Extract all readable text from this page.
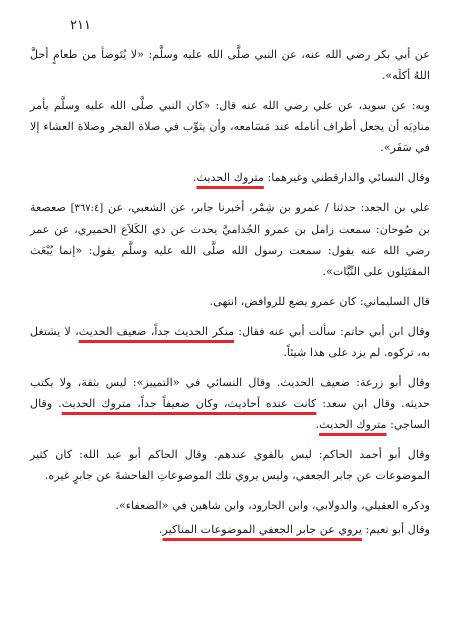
٢١١

عن أبي بكر رضي الله عنه، عن النبي صلَّى الله عليه وسلَّم: «لا يُتَوضأ من طعامٍ أحلَّ اللهُ أكلَه».

وبه: عن سويد، عن علي رضي الله عنه قال: «كان النبي صلَّى الله عليه وسلَّم يأمر منادِيَه أن يجعل أطراف أنامله عند مَسَامعه، وأن يثوِّب في صلاة الفجر وصلاة العشاء إلا في سَفَر».

وقال النسائي والدارقطني وغيرهما: متروك الحديث.

علي بن الجعد: حدثنا / عمرو بن شِمْر، أخبرنا جابر، عن الشعبي، عن [٣٦٧:٤] صعصعة بن صُوحان: سمعت زامل بن عمرو الجُذاميَّ يحدث عن ذي الكَلاَع الحميري، عن عمر رضي الله عنه يقول: سمعت رسول الله صلَّى الله عليه وسلَّم يقول: «إنما يُبْعَث المقتَتِلون على النِّيَّات».

قال السليماني: كان عمرو يضع للروافض، انتهى.

وقال ابن أبي حاتم: سألت أبي عنه فقال: منكر الحديث جداً، ضعيف الحديث، لا يشتغل به، تركوه. لم يزد على هذا شيئاً.

وقال أبو زرعة: ضعيف الحديث. وقال النسائي في «التمييز»: ليس بثقة، ولا يكتب حديثه. وقال ابن سعد: كانت عنده أحاديث، وكان ضعيفاً جداً، متروك الحديث. وقال الساجي: متروك الحديث.

وقال أبو أحمد الحاكم: ليس بالقوي عندهم. وقال الحاكم أبو عبد الله: كان كثير الموضوعات عن جابر الجعفي، وليس يروي تلك الموضوعاتِ الفاحشةَ عن جابرٍ غيره.

وذكره العقيلي، والدولابي، وابن الجارود، وابن شاهين في «الضعفاء».

وقال أبو نعيم: يروي عن جابر الجعفي الموضوعات المناكير.
